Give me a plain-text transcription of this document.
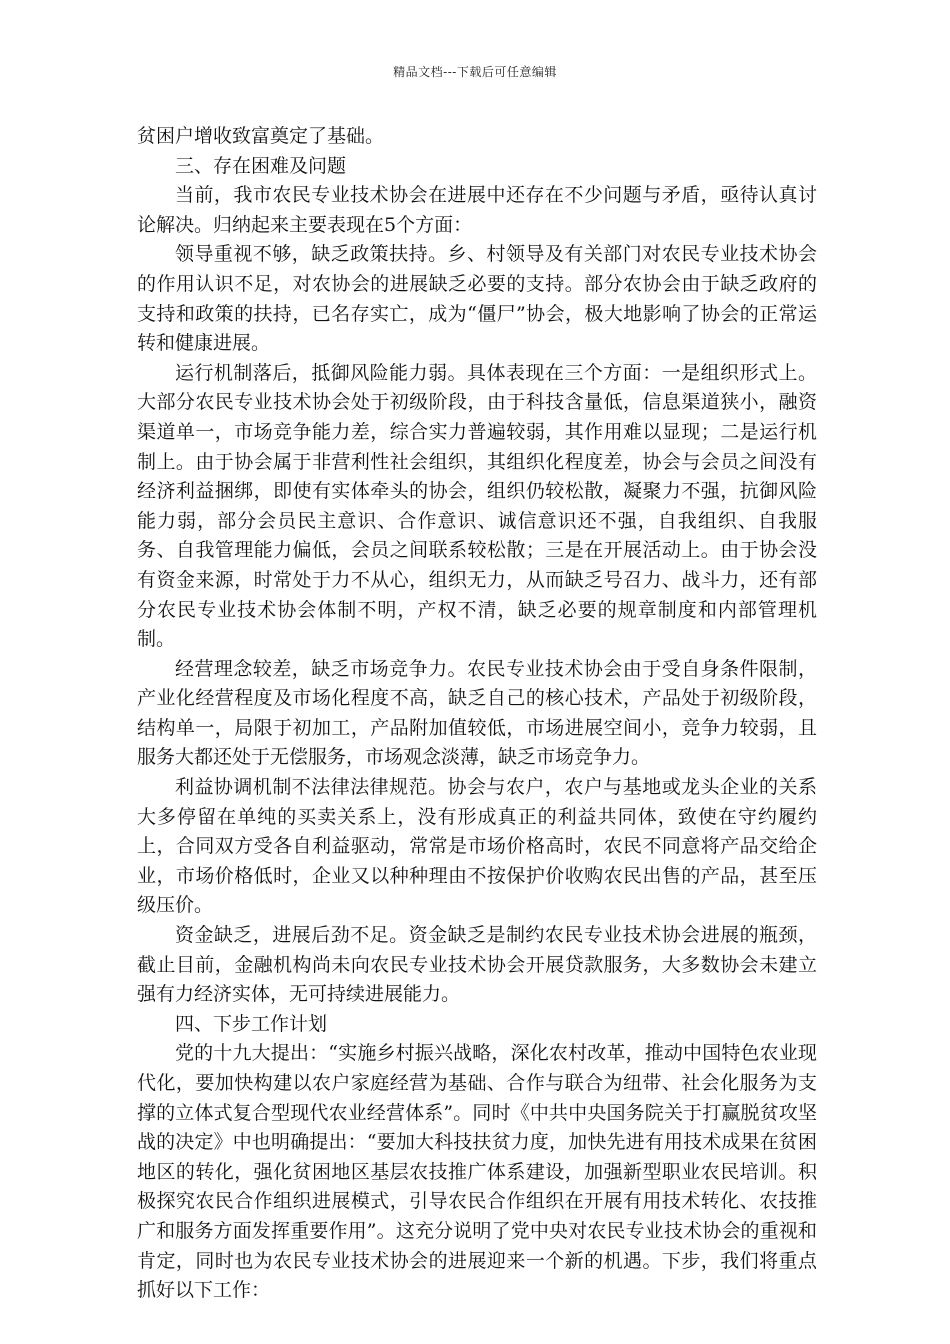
精品文档---下载后可任意编辑

贫困户增收致富奠定了基础。

三、存在困难及问题

当前，我市农民专业技术协会在进展中还存在不少问题与矛盾，亟待认真讨论解决。归纳起来主要表现在5个方面：

领导重视不够，缺乏政策扶持。乡、村领导及有关部门对农民专业技术协会的作用认识不足，对农协会的进展缺乏必要的支持。部分农协会由于缺乏政府的支持和政策的扶持，已名存实亡，成为“僵尸”协会，极大地影响了协会的正常运转和健康进展。

运行机制落后，抵御风险能力弱。具体表现在三个方面：一是组织形式上。大部分农民专业技术协会处于初级阶段，由于科技含量低，信息渠道狭小，融资渠道单一，市场竞争能力差，综合实力普遍较弱，其作用难以显现；二是运行机制上。由于协会属于非营利性社会组织，其组织化程度差，协会与会员之间没有经济利益捆绑，即使有实体牵头的协会，组织仍较松散，凝聚力不强，抗御风险能力弱，部分会员民主意识、合作意识、诚信意识还不强，自我组织、自我服务、自我管理能力偏低，会员之间联系较松散；三是在开展活动上。由于协会没有资金来源，时常处于力不从心，组织无力，从而缺乏号召力、战斗力，还有部分农民专业技术协会体制不明，产权不清，缺乏必要的规章制度和内部管理机制。

经营理念较差，缺乏市场竞争力。农民专业技术协会由于受自身条件限制，产业化经营程度及市场化程度不高，缺乏自己的核心技术，产品处于初级阶段，结构单一，局限于初加工，产品附加值较低，市场进展空间小，竞争力较弱，且服务大都还处于无偿服务，市场观念淡薄，缺乏市场竞争力。

利益协调机制不法律法律规范。协会与农户，农户与基地或龙头企业的关系大多停留在单纯的买卖关系上，没有形成真正的利益共同体，致使在守约履约上，合同双方受各自利益驱动，常常是市场价格高时，农民不同意将产品交给企业，市场价格低时，企业又以种种理由不按保护价收购农民出售的产品，甚至压级压价。

资金缺乏，进展后劲不足。资金缺乏是制约农民专业技术协会进展的瓶颈，截止目前，金融机构尚未向农民专业技术协会开展贷款服务，大多数协会未建立强有力经济实体，无可持续进展能力。

四、下步工作计划

党的十九大提出：“实施乡村振兴战略，深化农村改革，推动中国特色农业现代化，要加快构建以农户家庭经营为基础、合作与联合为纽带、社会化服务为支撑的立体式复合型现代农业经营体系”。同时《中共中央国务院关于打赢脱贫攻坚战的决定》中也明确提出：“要加大科技扶贫力度，加快先进有用技术成果在贫困地区的转化，强化贫困地区基层农技推广体系建设，加强新型职业农民培训。积极探究农民合作组织进展模式，引导农民合作组织在开展有用技术转化、农技推广和服务方面发挥重要作用”。这充分说明了党中央对农民专业技术协会的重视和肯定，同时也为农民专业技术协会的进展迎来一个新的机遇。下步，我们将重点抓好以下工作：
